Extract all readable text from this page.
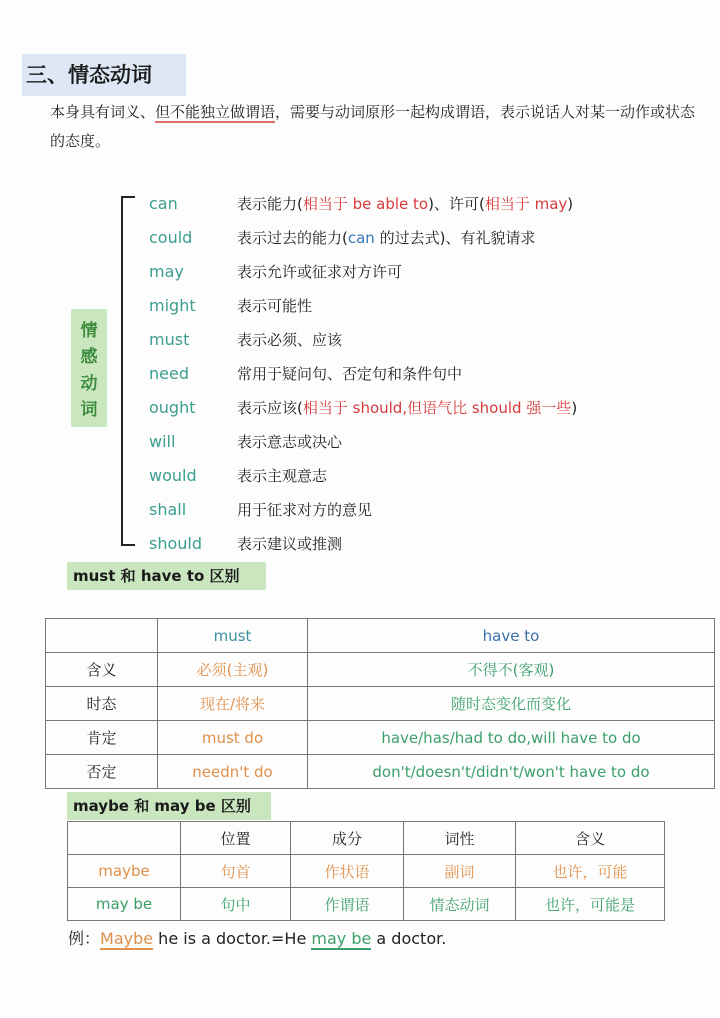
三、情态动词
本身具有词义、但不能独立做谓语，需要与动词原形一起构成谓语，表示说话人对某一动作或状态的态度。
情
感
动
词
can	表示能力(相当于 be able to)、许可(相当于 may)
could	表示过去的能力(can 的过去式)、有礼貌请求
may	表示允许或征求对方许可
might	表示可能性
must	表示必须、应该
need	常用于疑问句、否定句和条件句中
ought	表示应该(相当于 should,但语气比 should 强一些)
will	表示意志或决心
would	表示主观意志
shall	用于征求对方的意见
should	表示建议或推测
must 和 have to 区别
	must	have to
含义	必须(主观)	不得不(客观)
时态	现在/将来	随时态变化而变化
肯定	must do	have/has/had to do,will have to do
否定	needn't do	don't/doesn't/didn't/won't have to do
maybe 和 may be 区别
	位置	成分	词性	含义
maybe	句首	作状语	副词	也许，可能
may be	句中	作谓语	情态动词	也许，可能是
例：Maybe he is a doctor.=He may be a doctor.
